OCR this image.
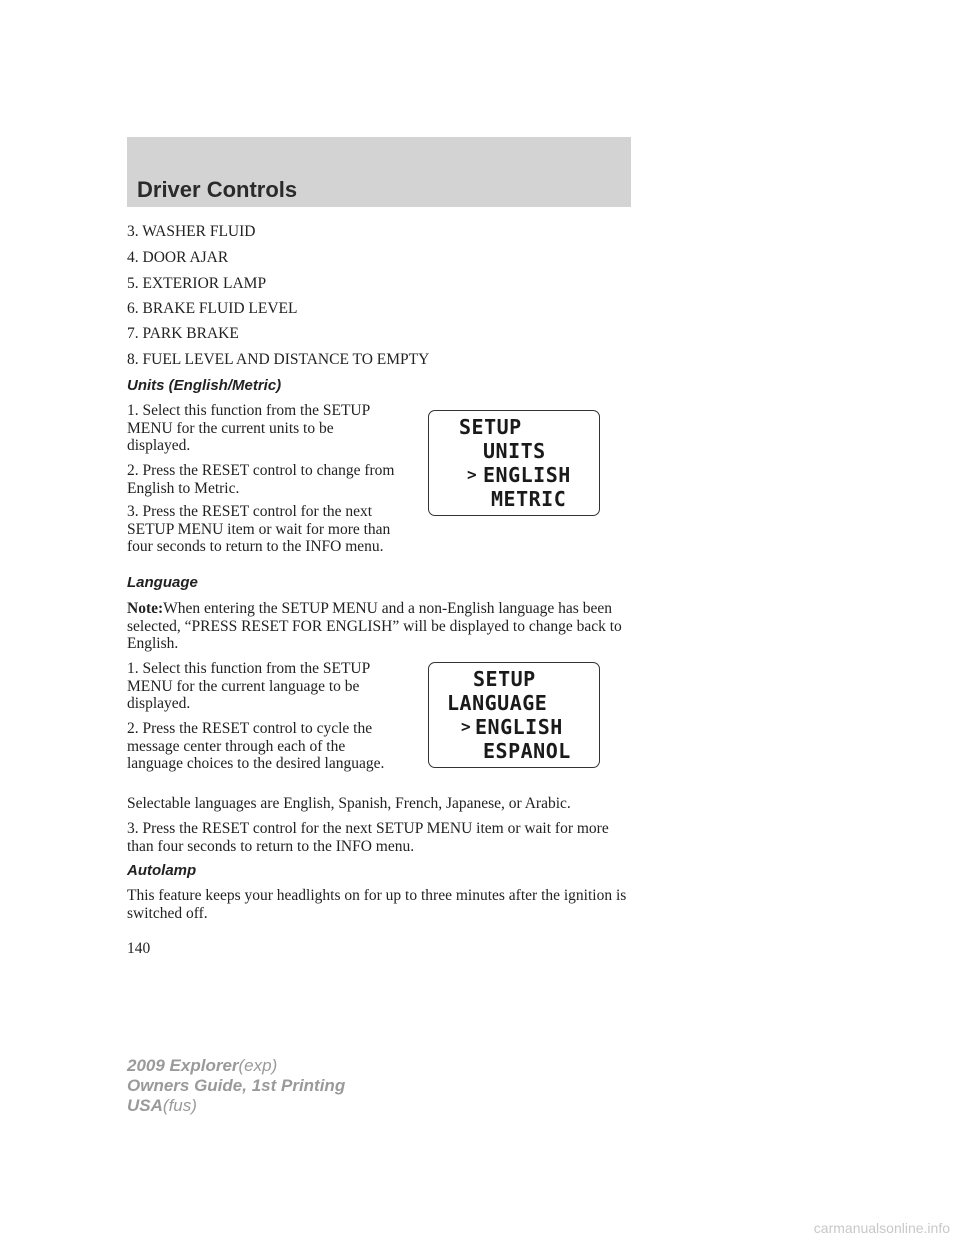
Driver Controls

3. WASHER FLUID

4. DOOR AJAR

5. EXTERIOR LAMP

6. BRAKE FLUID LEVEL

7. PARK BRAKE

8. FUEL LEVEL AND DISTANCE TO EMPTY

Units (English/Metric)

1. Select this function from the SETUP MENU for the current units to be displayed.

2. Press the RESET control to change from English to Metric.

3. Press the RESET control for the next SETUP MENU item or wait for more than four seconds to return to the INFO menu.

SETUP
UNITS
> ENGLISH
METRIC
Language

Note:When entering the SETUP MENU and a non-English language has been selected, “PRESS RESET FOR ENGLISH” will be displayed to change back to English.

1. Select this function from the SETUP MENU for the current language to be displayed.

2. Press the RESET control to cycle the message center through each of the language choices to the desired language.

SETUP
LANGUAGE
> ENGLISH
ESPANOL

Selectable languages are English, Spanish, French, Japanese, or Arabic.

3. Press the RESET control for the next SETUP MENU item or wait for more than four seconds to return to the INFO menu.

Autolamp

This feature keeps your headlights on for up to three minutes after the ignition is switched off.

140
2009 Explorer(exp)
Owners Guide, 1st Printing
USA(fus)
carmanualsonline.info
